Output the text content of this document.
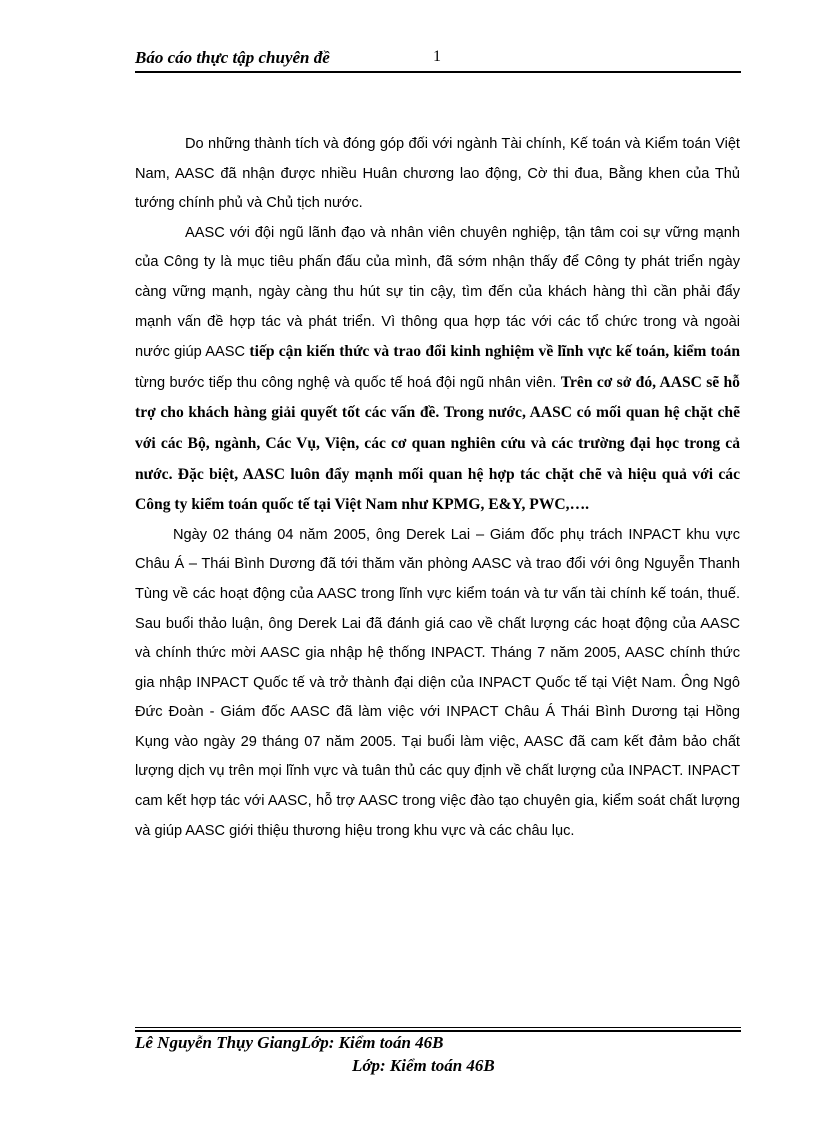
Báo cáo thực tập chuyên đề	1

Do những thành tích và đóng góp đối với ngành Tài chính, Kế toán và Kiểm toán Việt Nam, AASC đã nhận được nhiều Huân chương lao động, Cờ thi đua, Bằng khen của Thủ tướng chính phủ và Chủ tịch nước.

AASC với đội ngũ lãnh đạo và nhân viên chuyên nghiệp, tận tâm coi sự vững mạnh của Công ty là mục tiêu phấn đấu của mình, đã sớm nhận thấy để Công ty phát triển ngày càng vững mạnh, ngày càng thu hút sự tin cậy, tìm đến của khách hàng thì cần phải đẩy mạnh vấn đề hợp tác và phát triển. Vì thông qua hợp tác với các tổ chức trong và ngoài nước giúp AASC tiếp cận kiến thức và trao đổi kinh nghiệm về lĩnh vực kế toán, kiểm toán từng bước tiếp thu công nghệ và quốc tế hoá đội ngũ nhân viên. Trên cơ sở đó, AASC sẽ hỗ trợ cho khách hàng giải quyết tốt các vấn đề. Trong nước, AASC có mối quan hệ chặt chẽ với các Bộ, ngành, Các Vụ, Viện, các cơ quan nghiên cứu và các trường đại học trong cả nước. Đặc biệt, AASC luôn đẩy mạnh mối quan hệ hợp tác chặt chẽ và hiệu quả với các Công ty kiểm toán quốc tế tại Việt Nam như KPMG, E&Y, PWC,….

Ngày 02 tháng 04 năm 2005, ông Derek Lai – Giám đốc phụ trách INPACT khu vực Châu Á – Thái Bình Dương đã tới thăm văn phòng AASC và trao đổi với ông Nguyễn Thanh Tùng về các hoạt động của AASC trong lĩnh vực kiểm toán và tư vấn tài chính kế toán, thuế. Sau buổi thảo luận, ông Derek Lai đã đánh giá cao về chất lượng các hoạt động của AASC và chính thức mời AASC gia nhập hệ thống INPACT. Tháng 7 năm 2005, AASC chính thức gia nhập INPACT Quốc tế và trở thành đại diện của INPACT Quốc tế tại Việt Nam. Ông Ngô Đức Đoàn - Giám đốc AASC đã làm việc với INPACT Châu Á Thái Bình Dương tại Hồng Kụng vào ngày 29 tháng 07 năm 2005. Tại buổi làm việc, AASC đã cam kết đảm bảo chất lượng dịch vụ trên mọi lĩnh vực và tuân thủ các quy định về chất lượng của INPACT. INPACT cam kết hợp tác với AASC, hỗ trợ AASC trong việc đào tạo chuyên gia, kiểm soát chất lượng và giúp AASC giới thiệu thương hiệu trong khu vực và các châu lục.

Lê Nguyễn Thụy GiangLớp: Kiểm toán 46B
Lớp: Kiểm toán 46B
